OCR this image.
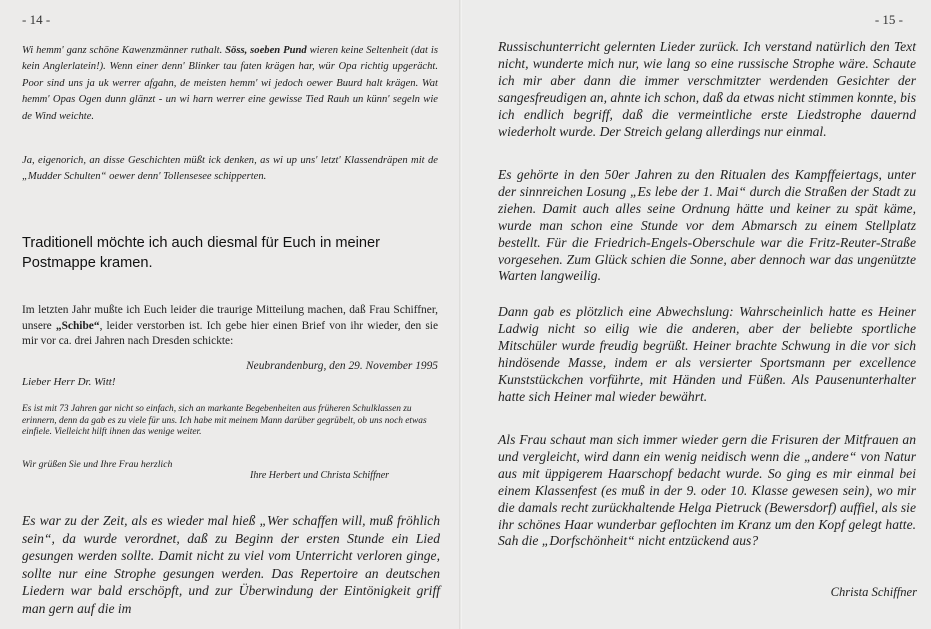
- 14 -
Wi hemm' ganz schöne Kawenzmänner ruthalt. Söss, soeben Pund wieren keine Seltenheit (dat is kein Anglerlatein!). Wenn einer denn' Blinker tau faten krägen har, wür Opa richtig upgerächt. Poor sind uns ja uk werrer afgahn, de meisten hemm' wi jedoch oewer Buurd halt krägen. Wat hemm' Opas Ogen dunn glänzt - un wi harn werrer eine gewisse Tied Rauh un künn' segeln wie de Wind weichte.
Ja, eigenorich, an disse Geschichten müßt ick denken, as wi up uns' letzt' Klassendräpen mit de „Mudder Schulten“ oewer denn' Tollensesee schipperten.
Traditionell möchte ich auch diesmal für Euch in meiner Postmappe kramen.
Im letzten Jahr mußte ich Euch leider die traurige Mitteilung machen, daß Frau Schiffner, unsere „Schibe“, leider verstorben ist. Ich gebe hier einen Brief von ihr wieder, den sie mir vor ca. drei Jahren nach Dresden schickte:
Neubrandenburg, den 29. November 1995
Lieber Herr Dr. Witt!
Es ist mit 73 Jahren gar nicht so einfach, sich an markante Begebenheiten aus früheren Schulklassen zu erinnern, denn da gab es zu viele für uns. Ich habe mit meinem Mann darüber gegrübelt, ob uns noch etwas einfiele. Vielleicht hilft ihnen das wenige weiter.
Wir grüßen Sie und Ihre Frau herzlich
Ihre Herbert und Christa Schiffner
Es war zu der Zeit, als es wieder mal hieß „Wer schaffen will, muß fröhlich sein“, da wurde verordnet, daß zu Beginn der ersten Stunde ein Lied gesungen werden sollte. Damit nicht zu viel vom Unterricht verloren ginge, sollte nur eine Strophe gesungen werden. Das Repertoire an deutschen Liedern war bald erschöpft, und zur Überwindung der Eintönigkeit griff man gern auf die im
- 15 -
Russischunterricht gelernten Lieder zurück. Ich verstand natürlich den Text nicht, wunderte mich nur, wie lang so eine russische Strophe wäre. Schaute ich mir aber dann die immer verschmitzter werdenden Gesichter der sangesfreudigen an, ahnte ich schon, daß da etwas nicht stimmen konnte, bis ich endlich begriff, daß die vermeintliche erste Liedstrophe dauernd wiederholt wurde. Der Streich gelang allerdings nur einmal.
Es gehörte in den 50er Jahren zu den Ritualen des Kampffeiertags, unter der sinnreichen Losung „Es lebe der 1. Mai“ durch die Straßen der Stadt zu ziehen. Damit auch alles seine Ordnung hätte und keiner zu spät käme, wurde man schon eine Stunde vor dem Abmarsch zu einem Stellplatz bestellt. Für die Friedrich-Engels-Oberschule war die Fritz-Reuter-Straße vorgesehen. Zum Glück schien die Sonne, aber dennoch war das ungenützte Warten langweilig.
Dann gab es plötzlich eine Abwechslung: Wahrscheinlich hatte es Heiner Ladwig nicht so eilig wie die anderen, aber der beliebte sportliche Mitschüler wurde freudig begrüßt. Heiner brachte Schwung in die vor sich hindösende Masse, indem er als versierter Sportsmann per excellence Kunststückchen vorführte, mit Händen und Füßen. Als Pausenunterhalter hatte sich Heiner mal wieder bewährt.
Als Frau schaut man sich immer wieder gern die Frisuren der Mitfrauen an und vergleicht, wird dann ein wenig neidisch wenn die „andere“ von Natur aus mit üppigerem Haarschopf bedacht wurde. So ging es mir einmal bei einem Klassenfest (es muß in der 9. oder 10. Klasse gewesen sein), wo mir die damals recht zurückhaltende Helga Pietruck (Bewersdorf) auffiel, als sie ihr schönes Haar wunderbar geflochten im Kranz um den Kopf gelegt hatte. Sah die „Dorfschönheit“ nicht entzückend aus?
Christa Schiffner
